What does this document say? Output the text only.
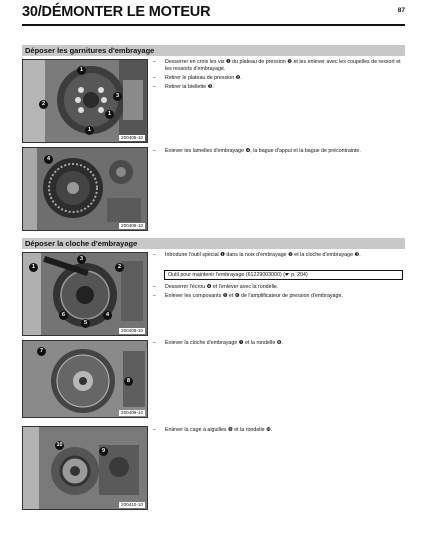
30/DÉMONTER LE MOTEUR	87
Déposer les garnitures d'embrayage
1
2
3
1
1
200405-10
– Desserrer en croix les vis ❶ du plateau de pression ❷ et les enlever avec les coupelles de ressort et les ressorts d'embrayage.
– Retirer le plateau de pression ❷.
– Retirer la biellette ❸.
4
200406-10
– Enlever les lamelles d'embrayage ❹, la bague d'appui et la bague de précontrainte.
Déposer la cloche d'embrayage
1
3
2
6
5
4
200408-10
– Introduire l'outil spécial ❶ dans la noix d'embrayage ❷ et la cloche d'embrayage ❸.
Outil pour maintenir l'embrayage (61229003000) (☛ p. 204)
– Desserrer l'écrou ❹ et l'enlever avec la rondelle.
– Enlever les composants ❺ et ❻ de l'amplificateur de pression d'embrayage.
7
8
200409-10
– Enlever la cloche d'embrayage ❼ et la rondelle ❽.
10
9
200410-10
– Enlever la cage à aiguilles ❾ et la rondelle ❿.
